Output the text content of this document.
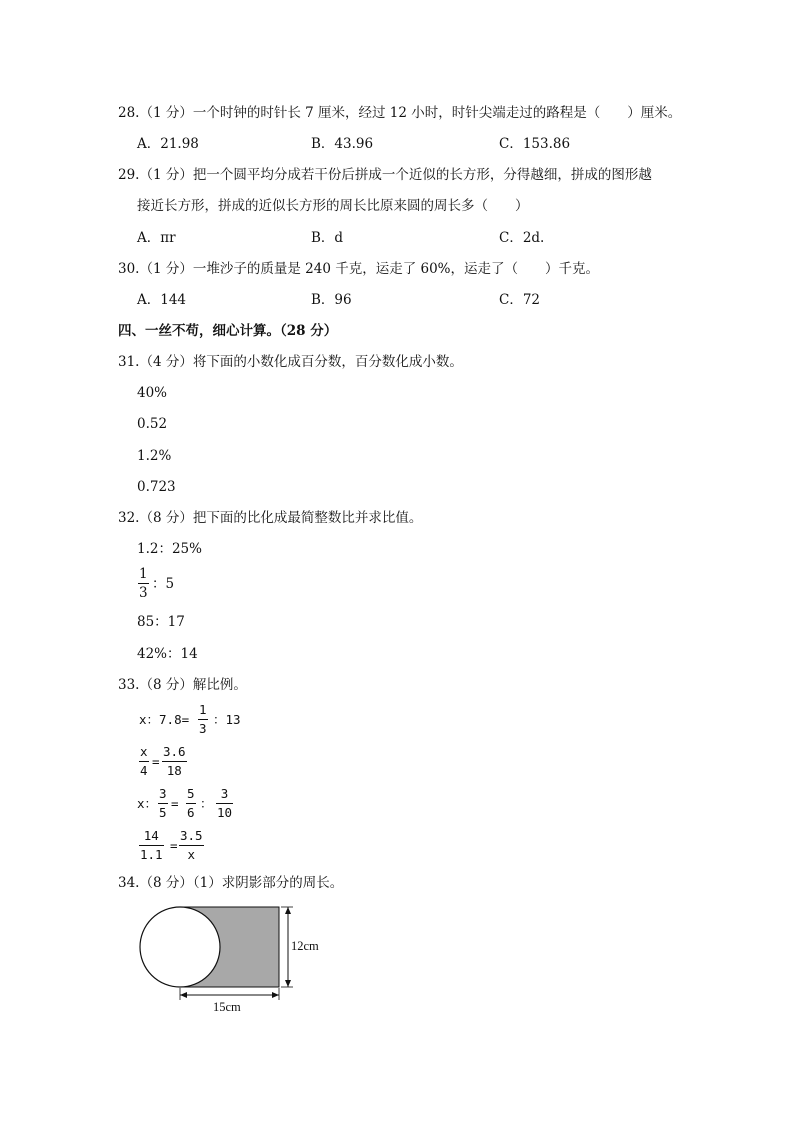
28.（1 分）一个时钟的时针长 7 厘米，经过 12 小时，时针尖端走过的路程是（　　）厘米。
A．21.98	B．43.96	C．153.86
29.（1 分）把一个圆平均分成若干份后拼成一个近似的长方形，分得越细，拼成的图形越
接近长方形，拼成的近似长方形的周长比原来圆的周长多（　　）
A．πr	B．d	C．2d.
30.（1 分）一堆沙子的质量是 240 千克，运走了 60%，运走了（　　）千克。
A．144	B．96	C．72
四、一丝不苟，细心计算。（28 分）
31.（4 分）将下面的小数化成百分数，百分数化成小数。
40%
0.52
1.2%
0.723
32.（8 分）把下面的比化成最简整数比并求比值。
1.2：25%
1
3
：5
85：17
42%：14
33.（8 分）解比例。
x：7.8=
1
3
：13
x
4
=
3.6
18
x：
3
5
=
5
6
：
3
10
14
1.1
=
3.5
x
34.（8 分）（1）求阴影部分的周长。
12cm
15cm
